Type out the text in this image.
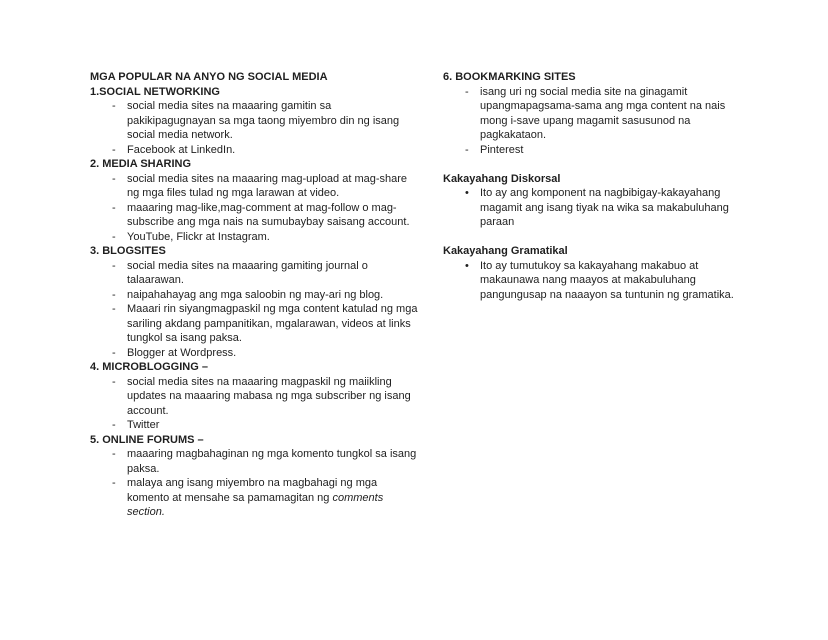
MGA POPULAR NA ANYO NG SOCIAL MEDIA
1.SOCIAL NETWORKING
-	social media sites na maaaring gamitin sa pakikipagugnayan sa mga taong miyembro din ng isang social media network.
-	Facebook at LinkedIn.
2. MEDIA SHARING
-	social media sites na maaaring mag-upload at mag-share ng mga files tulad ng mga larawan at video.
-	maaaring mag-like,mag-comment at mag-follow o mag-subscribe ang mga nais na sumubaybay saisang account.
-	YouTube, Flickr at Instagram.
3. BLOGSITES
-	social media sites na maaaring gamiting journal o talaarawan.
-	naipahahayag ang mga saloobin ng may-ari ng blog.
-	Maaari rin siyangmagpaskil ng mga content katulad ng mga sariling akdang pampanitikan, mgalarawan, videos at links tungkol sa isang paksa.
-	Blogger at Wordpress.
4. MICROBLOGGING –
-	social media sites na maaaring magpaskil ng maiikling updates na maaaring mabasa ng mga subscriber ng isang account.
-	Twitter
5. ONLINE FORUMS –
-	maaaring magbahaginan ng mga komento tungkol sa isang paksa.
-	malaya ang isang miyembro na magbahagi ng mga komento at mensahe sa pamamagitan ng comments section.
6. BOOKMARKING SITES
-	isang uri ng social media site na ginagamit upangmapagsama-sama ang mga content na nais mong i-save upang magamit sasusunod na pagkakataon.
-	Pinterest
Kakayahang Diskorsal
•	Ito ay ang komponent na nagbibigay-kakayahang magamit ang isang tiyak na wika sa makabuluhang paraan
Kakayahang Gramatikal
•	Ito ay tumutukoy sa kakayahang makabuo at makaunawa nang maayos at makabuluhang pangungusap na naaayon sa tuntunin ng gramatika.
